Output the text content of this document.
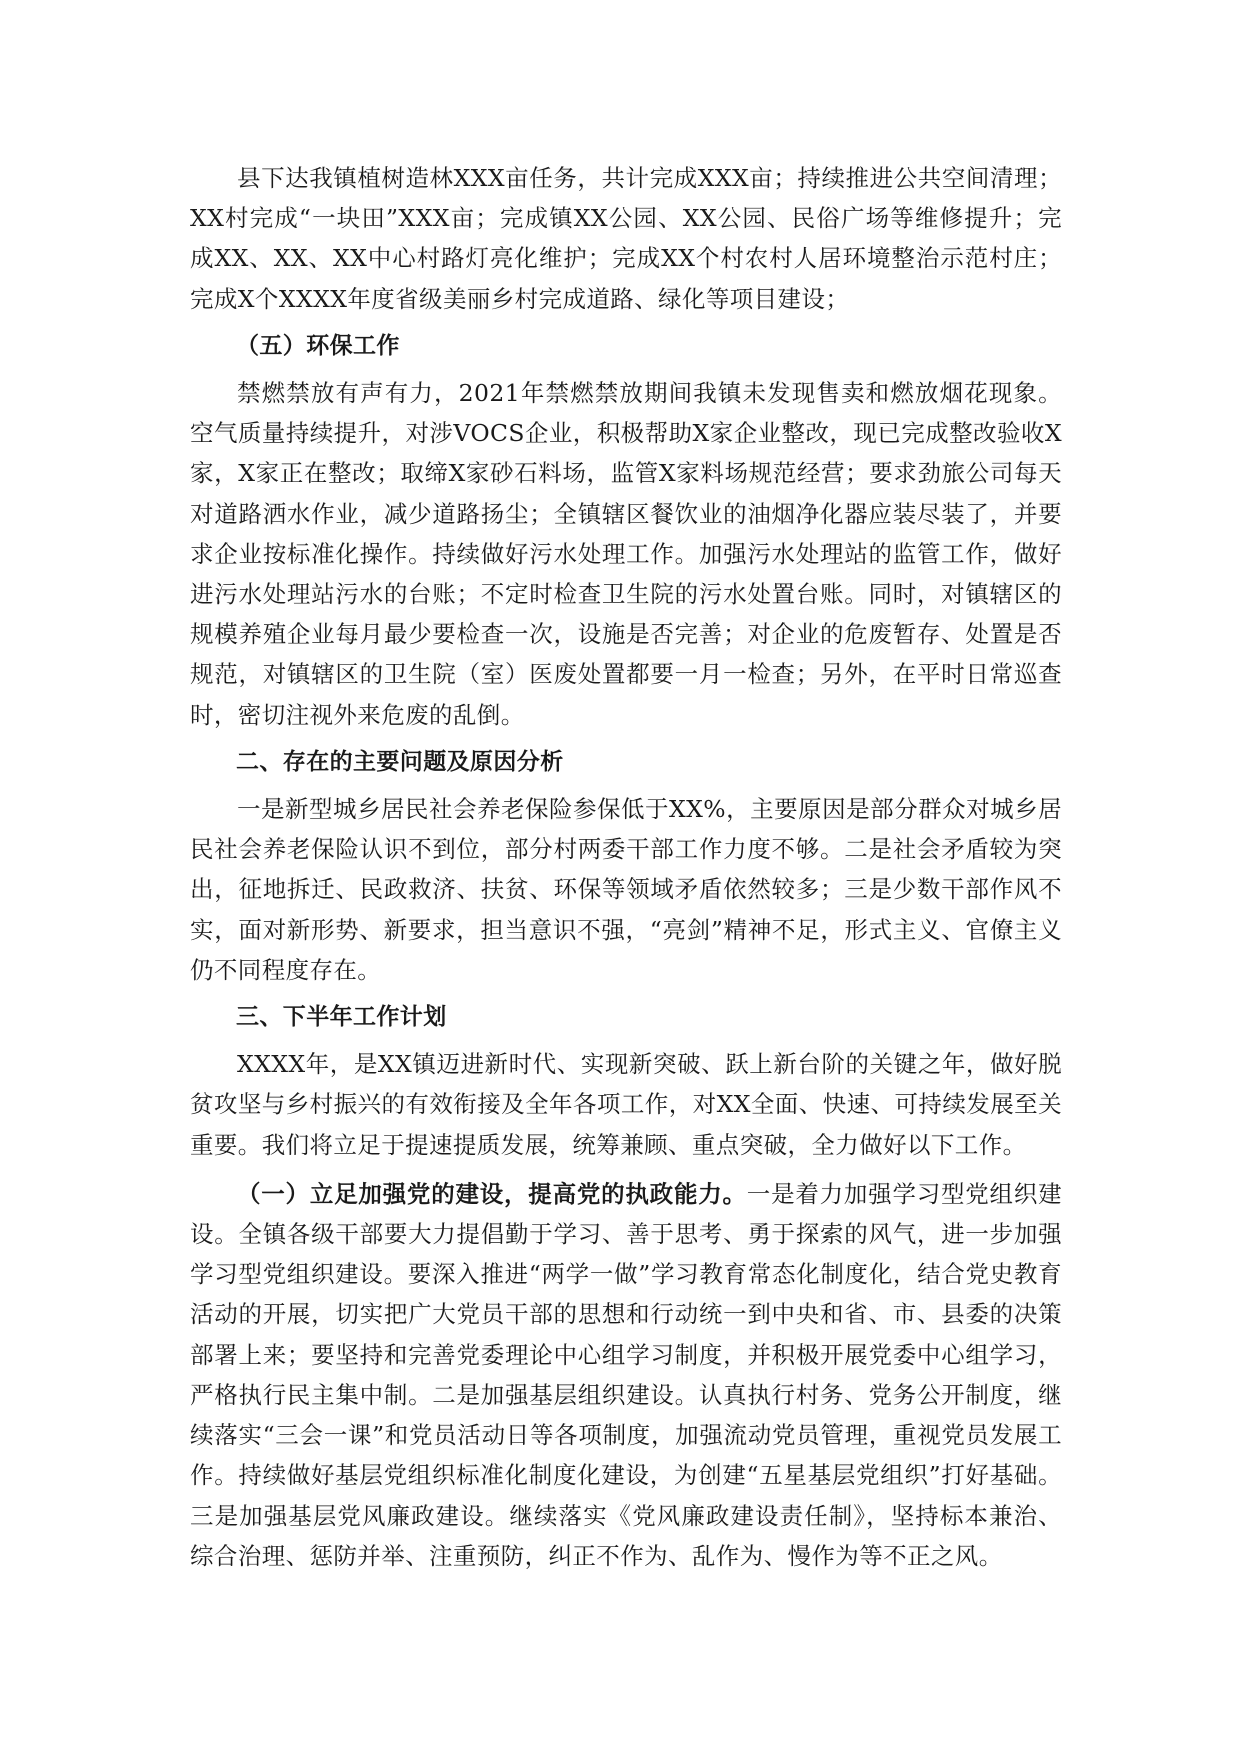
县下达我镇植树造林XXX亩任务，共计完成XXX亩；持续推进公共空间清理；XX村完成“一块田”XXX亩；完成镇XX公园、XX公园、民俗广场等维修提升；完成XX、XX、XX中心村路灯亮化维护；完成XX个村农村人居环境整治示范村庄；完成X个XXXX年度省级美丽乡村完成道路、绿化等项目建设；

（五）环保工作

禁燃禁放有声有力，2021年禁燃禁放期间我镇未发现售卖和燃放烟花现象。空气质量持续提升，对涉VOCS企业，积极帮助X家企业整改，现已完成整改验收X家，X家正在整改；取缔X家砂石料场，监管X家料场规范经营；要求劲旅公司每天对道路洒水作业，减少道路扬尘；全镇辖区餐饮业的油烟净化器应装尽装了，并要求企业按标准化操作。持续做好污水处理工作。加强污水处理站的监管工作，做好进污水处理站污水的台账；不定时检查卫生院的污水处置台账。同时，对镇辖区的规模养殖企业每月最少要检查一次，设施是否完善；对企业的危废暂存、处置是否规范，对镇辖区的卫生院（室）医废处置都要一月一检查；另外，在平时日常巡查时，密切注视外来危废的乱倒。

二、存在的主要问题及原因分析

一是新型城乡居民社会养老保险参保低于XX%，主要原因是部分群众对城乡居民社会养老保险认识不到位，部分村两委干部工作力度不够。二是社会矛盾较为突出，征地拆迁、民政救济、扶贫、环保等领域矛盾依然较多；三是少数干部作风不实，面对新形势、新要求，担当意识不强，“亮剑”精神不足，形式主义、官僚主义仍不同程度存在。

三、下半年工作计划

XXXX年，是XX镇迈进新时代、实现新突破、跃上新台阶的关键之年，做好脱贫攻坚与乡村振兴的有效衔接及全年各项工作，对XX全面、快速、可持续发展至关重要。我们将立足于提速提质发展，统筹兼顾、重点突破，全力做好以下工作。

（一）立足加强党的建设，提高党的执政能力。一是着力加强学习型党组织建设。全镇各级干部要大力提倡勤于学习、善于思考、勇于探索的风气，进一步加强学习型党组织建设。要深入推进“两学一做”学习教育常态化制度化，结合党史教育活动的开展，切实把广大党员干部的思想和行动统一到中央和省、市、县委的决策部署上来；要坚持和完善党委理论中心组学习制度，并积极开展党委中心组学习，严格执行民主集中制。二是加强基层组织建设。认真执行村务、党务公开制度，继续落实“三会一课”和党员活动日等各项制度，加强流动党员管理，重视党员发展工作。持续做好基层党组织标准化制度化建设，为创建“五星基层党组织”打好基础。三是加强基层党风廉政建设。继续落实《党风廉政建设责任制》，坚持标本兼治、综合治理、惩防并举、注重预防，纠正不作为、乱作为、慢作为等不正之风。
